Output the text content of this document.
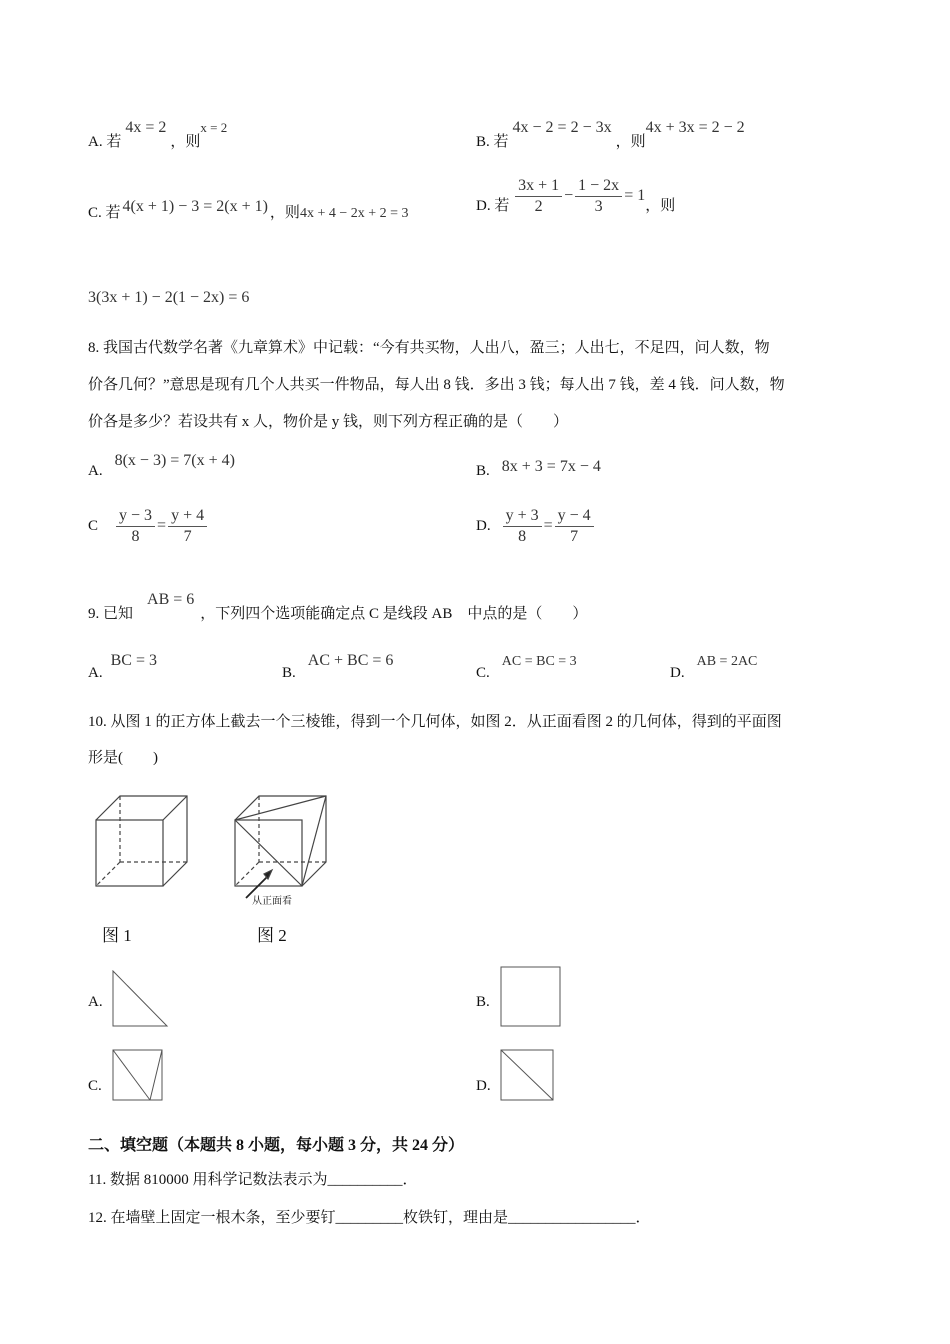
A. 若4x = 2，则x = 2
B. 若4x − 2 = 2 − 3x，则4x + 3x = 2 − 2
C. 若 4(x + 1) − 3 = 2(x + 1) ，则4x + 4 − 2x + 2 = 3	D. 若 $\frac{3x + 1}{2} - \frac{1 - 2x}{3} = 1$，则
3(3x + 1) − 2(1 − 2x) = 6
8. 我国古代数学名著《九章算术》中记载：“今有共买物，人出八，盈三；人出七，不足四，问人数，物
价各几何？”意思是现有几个人共买一件物品，每人出 8 钱．多出 3 钱；每人出 7 钱，差 4 钱．问人数，物
价各是多少？若设共有 x 人，物价是 y 钱，则下列方程正确的是（　　）
A.8(x − 3) = 7(x + 4)
B. 8x + 3 = 7x − 4
C $\frac{y - 3}{8} = \frac{y + 4}{7}$	D. $\frac{y + 3}{8} = \frac{y - 4}{7}$
9. 已知AB = 6，下列四个选项能确定点 C 是线段 AB　中点的是（　　）
A.BC = 3
B.AC + BC = 6
C.AC = BC = 3
D.AB = 2AC
10. 从图 1 的正方体上截去一个三棱锥，得到一个几何体，如图 2．从正面看图 2 的几何体，得到的平面图
形是(　　)
图 1
从正面看
图 2
A.	B.
C.	D.
二、填空题（本题共 8 小题，每小题 3 分，共 24 分）
11. 数据 810000 用科学记数法表示为__________．
12. 在墙壁上固定一根木条，至少要钉_________枚铁钉，理由是_________________．
